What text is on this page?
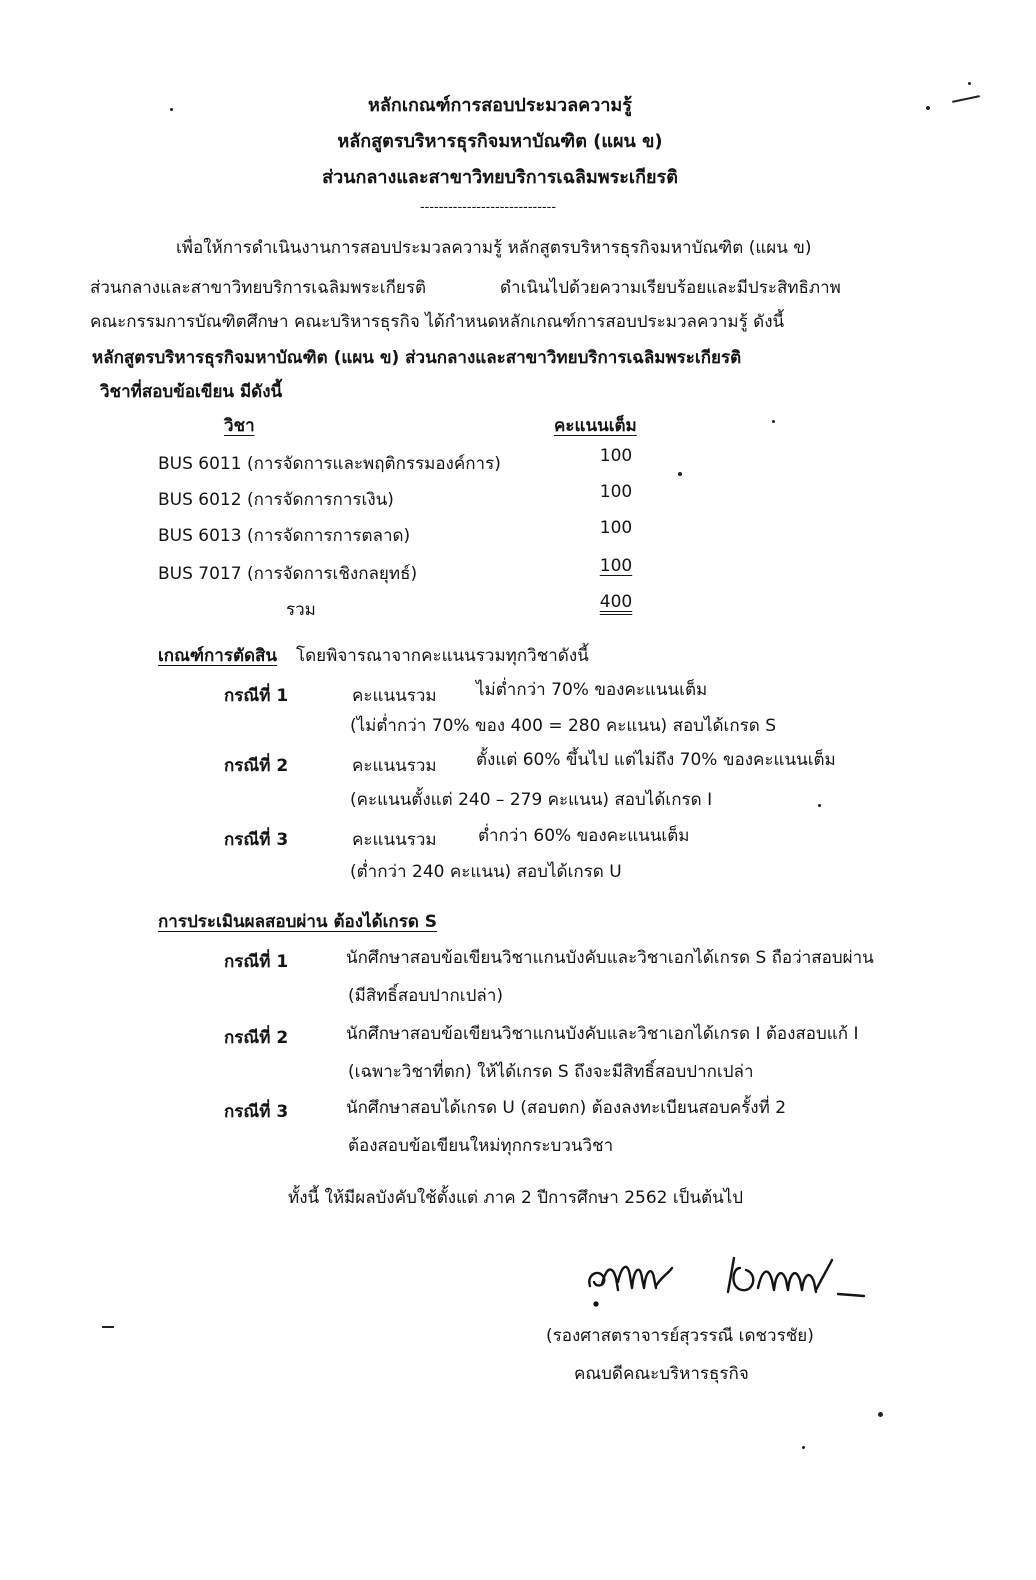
หลักเกณฑ์การสอบประมวลความรู้
หลักสูตรบริหารธุรกิจมหาบัณฑิต (แผน ข)
ส่วนกลางและสาขาวิทยบริการเฉลิมพระเกียรติ
-----------------------------
เพื่อให้การดำเนินงานการสอบประมวลความรู้ หลักสูตรบริหารธุรกิจมหาบัณฑิต (แผน ข)
ส่วนกลางและสาขาวิทยบริการเฉลิมพระเกียรติ	ดำเนินไปด้วยความเรียบร้อยและมีประสิทธิภาพ
คณะกรรมการบัณฑิตศึกษา คณะบริหารธุรกิจ ได้กำหนดหลักเกณฑ์การสอบประมวลความรู้ ดังนี้
หลักสูตรบริหารธุรกิจมหาบัณฑิต (แผน ข) ส่วนกลางและสาขาวิทยบริการเฉลิมพระเกียรติ
วิชาที่สอบข้อเขียน มีดังนี้
วิชา	คะแนนเต็ม
BUS 6011 (การจัดการและพฤติกรรมองค์การ)	100
BUS 6012 (การจัดการการเงิน)	100
BUS 6013 (การจัดการการตลาด)	100
BUS 7017 (การจัดการเชิงกลยุทธ์)	100
รวม	400
เกณฑ์การตัดสิน โดยพิจารณาจากคะแนนรวมทุกวิชาดังนี้
กรณีที่ 1	คะแนนรวม ไม่ต่ำกว่า 70% ของคะแนนเต็ม
(ไม่ต่ำกว่า 70% ของ 400 = 280 คะแนน) สอบได้เกรด S
กรณีที่ 2	คะแนนรวม ตั้งแต่ 60% ขึ้นไป แต่ไม่ถึง 70% ของคะแนนเต็ม
(คะแนนตั้งแต่ 240 – 279 คะแนน) สอบได้เกรด I
กรณีที่ 3	คะแนนรวม ต่ำกว่า 60% ของคะแนนเต็ม
(ต่ำกว่า 240 คะแนน) สอบได้เกรด U
การประเมินผลสอบผ่าน ต้องได้เกรด S
กรณีที่ 1	นักศึกษาสอบข้อเขียนวิชาแกนบังคับและวิชาเอกได้เกรด S ถือว่าสอบผ่าน
(มีสิทธิ์สอบปากเปล่า)
กรณีที่ 2	นักศึกษาสอบข้อเขียนวิชาแกนบังคับและวิชาเอกได้เกรด I ต้องสอบแก้ I
(เฉพาะวิชาที่ตก) ให้ได้เกรด S ถึงจะมีสิทธิ์สอบปากเปล่า
กรณีที่ 3	นักศึกษาสอบได้เกรด U (สอบตก) ต้องลงทะเบียนสอบครั้งที่ 2
ต้องสอบข้อเขียนใหม่ทุกกระบวนวิชา
ทั้งนี้ ให้มีผลบังคับใช้ตั้งแต่ ภาค 2 ปีการศึกษา 2562 เป็นต้นไป
(รองศาสตราจารย์สุวรรณี เดชวรชัย)
คณบดีคณะบริหารธุรกิจ
